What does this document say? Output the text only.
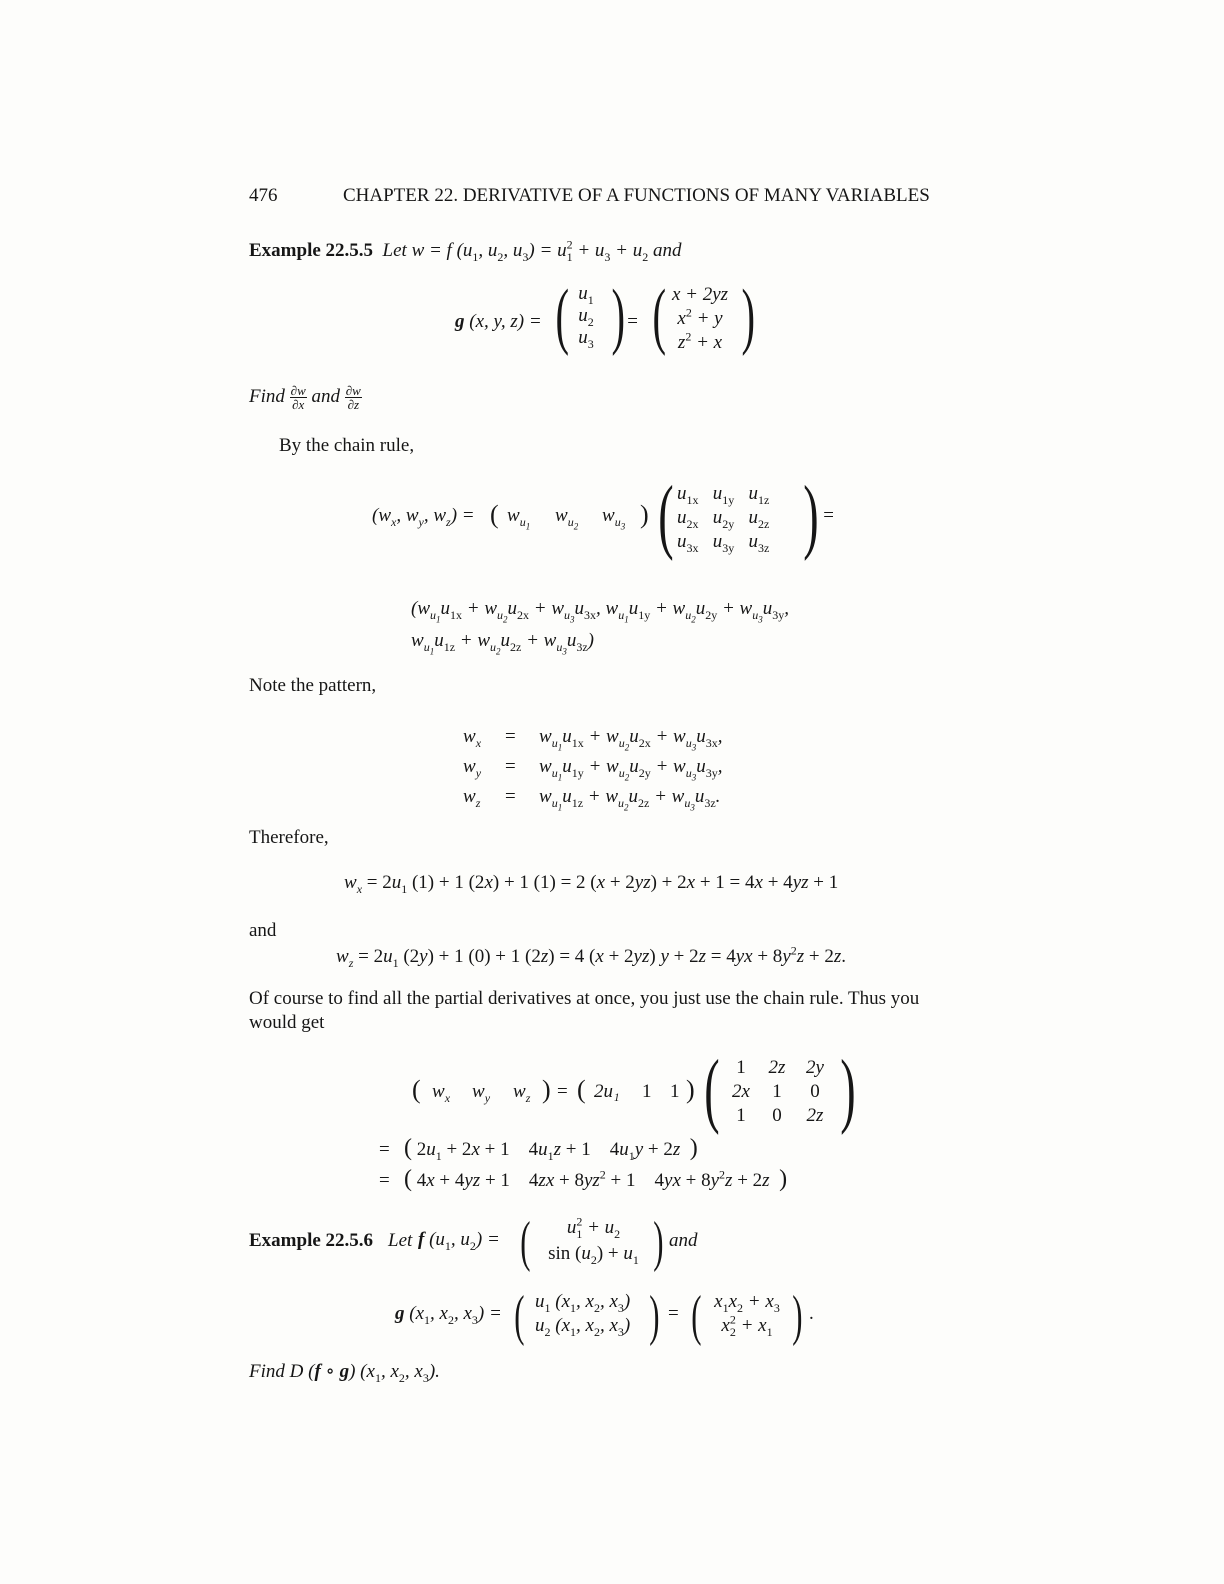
476	CHAPTER 22. DERIVATIVE OF A FUNCTIONS OF MANY VARIABLES
Example 22.5.5 Let w = f ($u_1$, $u_2$, $u_3) = u^2_1 + u_3 + u_2$ and
g (x, y, z) = ( $u_1$
$u_2$
$u_3$ ) = ( x + 2yz
$x^2 + y$
$z^2 + x$ )
Find $\frac{\partial w}{\partial x}$ and $\frac{\partial w}{\partial z}$
By the chain rule,
($w_x$, $w_y$, $w_z$) = ( $w_{u_1}$
$w_{u_2}$
$w_{u_3}$ ) ( $u_{1x}$   $u_{1y}$   $u_{1z}$
$u_{2x}$   $u_{2y}$   $u_{2z}$
$u_{3x}$   $u_{3y}$   $u_{3z}$ ) =
($w_{u_1}u_{1x} + w_{u_2}u_{2x} + w_{u_3}u_{3x}$, $w_{u_1}u_{1y} + w_{u_2}u_{2y} + w_{u_3}u_{3y}$,
$w_{u_1}u_{1z} + w_{u_2}u_{2z} + w_{u_3}u_{3z}$)
Note the pattern,
$w_x = w_{u_1}u_{1x} + w_{u_2}u_{2x} + w_{u_3}u_{3x}$,
$w_y = w_{u_1}u_{1y} + w_{u_2}u_{2y} + w_{u_3}u_{3y}$,
$w_z = w_{u_1}u_{1z} + w_{u_2}u_{2z} + w_{u_3}u_{3z}$.
Therefore,
$w_x = 2u_1$ (1) + 1 (2x) + 1 (1) = 2 (x + 2yz) + 2x + 1 = 4x + 4yz + 1
and
$w_z = 2u_1$ (2y) + 1 (0) + 1 (2z) = 4 (x + 2yz) $y + 2z = 4yx + 8y^2z + 2z$.
Of course to find all the partial derivatives at once, you just use the chain rule. Thus you
would get
( $w_x$ $w_y$ $w_z$ ) = ( 2u₁ 1 1 ) ( 1	2z	2y
2x	1	0
1	0	2z )
= ( $2u_1 + 2x + 1$ $4u_1z + 1$ $4u_1y + 2z$  )
= ( 4x + 4yz + 1 $4zx + 8yz^2 + 1$ $4yx + 8y^2z + 2z$  )
Example 22.5.6 Let f ($u_1$, $u_2$) = (	$u^2_1 + u_2$
$\sin (u_2) + u_1$ ) and
g ($x_1$, $x_2$, $x_3$) = ( $u_1$ ($x_1$, $x_2$, $x_3$)
$u_2$ ($x_1$, $x_2$, $x_3$) ) = ( $x_1x_2 + x_3$
$x^2_2 + x_1$ ) .
Find D (f ∘ g) ($x_1$, $x_2$, $x_3$).
